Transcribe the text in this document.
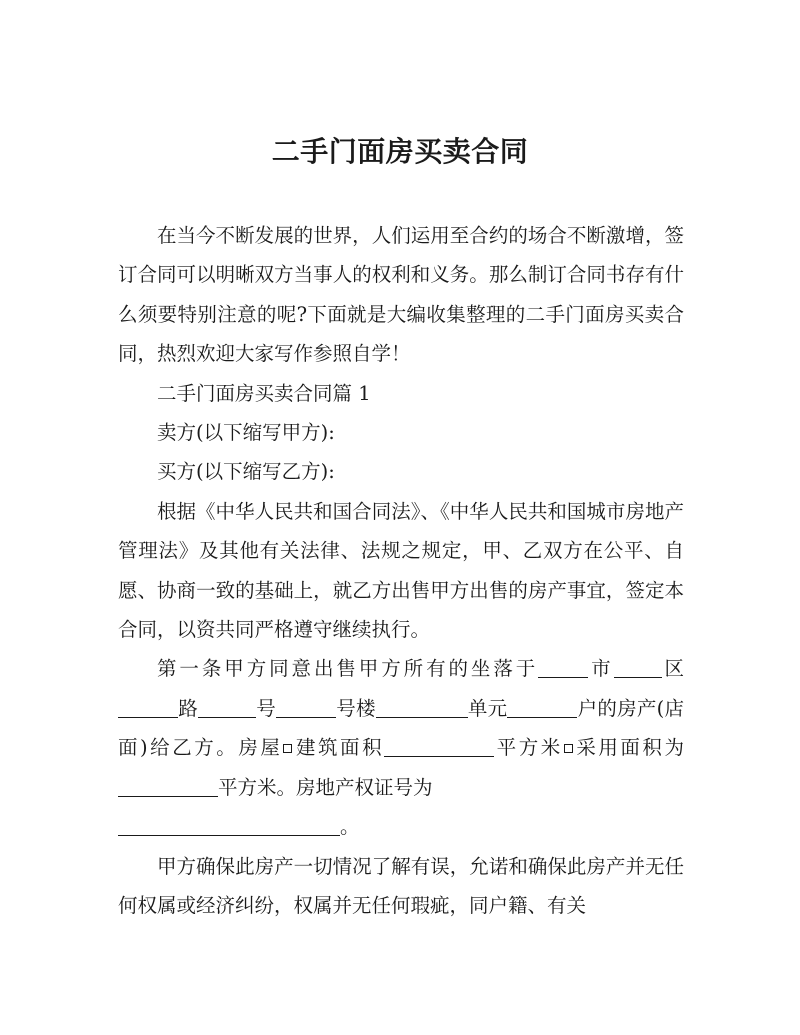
二手门面房买卖合同

在当今不断发展的世界，人们运用至合约的场合不断激增，签订合同可以明晰双方当事人的权利和义务。那么制订合同书存有什么须要特别注意的呢?下面就是大编收集整理的二手门面房买卖合同，热烈欢迎大家写作参照自学！

二手门面房买卖合同篇 1

卖方(以下缩写甲方):

买方(以下缩写乙方):

根据《中华人民共和国合同法》、《中华人民共和国城市房地产管理法》及其他有关法律、法规之规定，甲、乙双方在公平、自愿、协商一致的基础上，就乙方出售甲方出售的房产事宜，签定本合同，以资共同严格遵守继续执行。

第一条甲方同意出售甲方所有的坐落于	市 区路	号	号楼	单元	户的房产(店面)给乙方。房屋 建筑面积	平方米 采用面积为平方米。房地产权证号为
。

甲方确保此房产一切情况了解有误，允诺和确保此房产并无任何权属或经济纠纷，权属并无任何瑕疵，同户籍、有关
